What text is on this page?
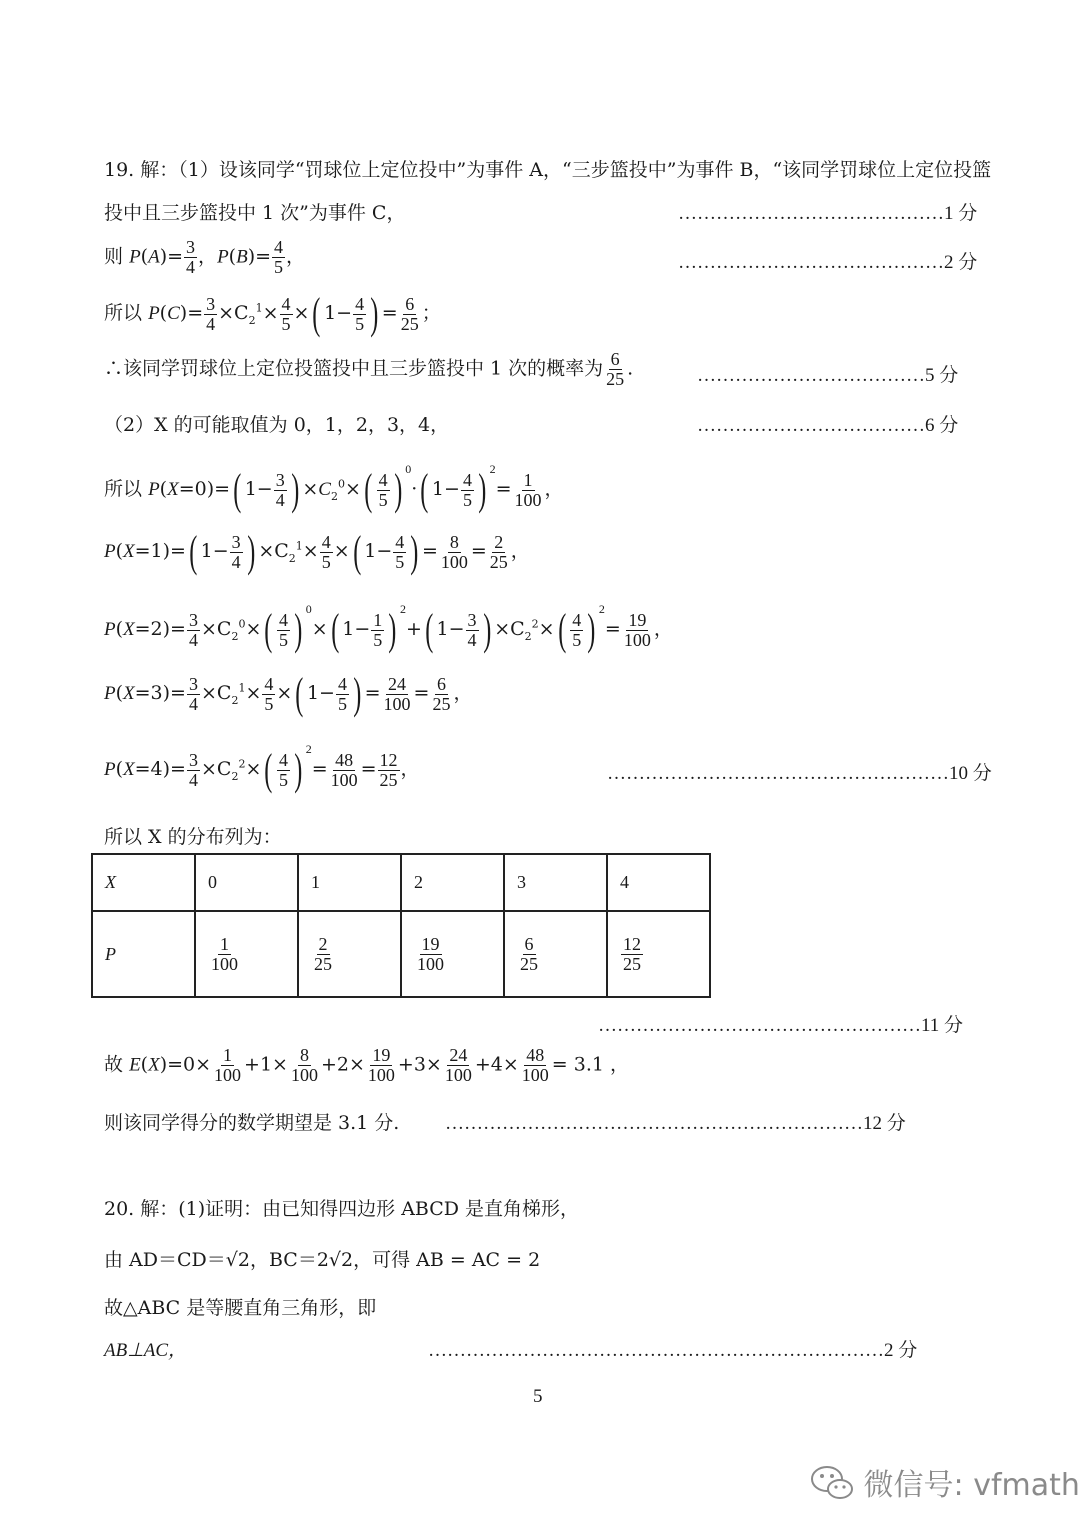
19. 解：（1）设该同学“罚球位上定位投中”为事件 A，“三步篮投中”为事件 B，“该同学罚球位上定位投篮
投中且三步篮投中 1 次”为事件 C，	……………………………………1 分
则 $P(A)= \frac{3}{4}$ ，$P(B)= \frac{4}{5}$ ，	……………………………………2 分
所以 $P(C)= \frac{3}{4} \times C_2^1\times \frac{4}{5}$ ×( $1- \frac{4}{5}$ ) = $\frac{6}{25}$ ；
∴该同学罚球位上定位投篮投中且三步篮投中 1 次的概率为 $\frac{6}{25}$ .	………………………………5 分
（2）X 的可能取值为 0，1，2，3，4，	………………………………6 分
所以 P(X=0)=( $1- \frac{3}{4}$ ) $\times C_2^0\times( \frac{4}{5}$ ) $^0$·( $1- \frac{4}{5}$ ) $^2= \frac{1}{100}$ ，
P(X=1)=( $1- \frac{3}{4}$ ) $\times C_2^1\times \frac{4}{5}$ ×( $1- \frac{4}{5}$ ) = $\frac{8}{100} = \frac{2}{25}$ ，
$P(X=2)= \frac{3}{4} \times C_2^0\times( \frac{4}{5}$ ) $^0$×( $1- \frac{1}{5}$ ) $^2$+( $1- \frac{3}{4}$ ) $\times C_2^2\times( \frac{4}{5}$ ) $^2= \frac{19}{100}$ ，
$P(X=3)= \frac{3}{4} \times C_2^1\times \frac{4}{5}$ ×( $1- \frac{4}{5}$ ) = $\frac{24}{100} = \frac{6}{25}$ ，
$P(X=4)= \frac{3}{4} \times C_2^2\times( \frac{4}{5}$ ) $^2= \frac{48}{100} = \frac{12}{25}$ ，	………………………………………………10 分
所以 X 的分布列为：
X	0	1	2	3	4
P	$\frac{1}{100}$	$\frac{2}{25}$	$\frac{19}{100}$	$\frac{6}{25}$	$\frac{12}{25}$
……………………………………………11 分
故 $E(X)=0\times \frac{1}{100} +1\times \frac{8}{100} +2\times \frac{19}{100} +3\times \frac{24}{100} +4\times \frac{48}{100} = 3.1$ ，
则该同学得分的数学期望是 3.1 分. …………………………………………………………12 分
20. 解：(1)证明：由已知得四边形 ABCD 是直角梯形，
由 AD＝CD＝√2，BC＝2√2，可得 AB = AC = 2
故△ABC 是等腰直角三角形，即
AB⊥AC，	………………………………………………………………2 分
5
微信号: vfmath
